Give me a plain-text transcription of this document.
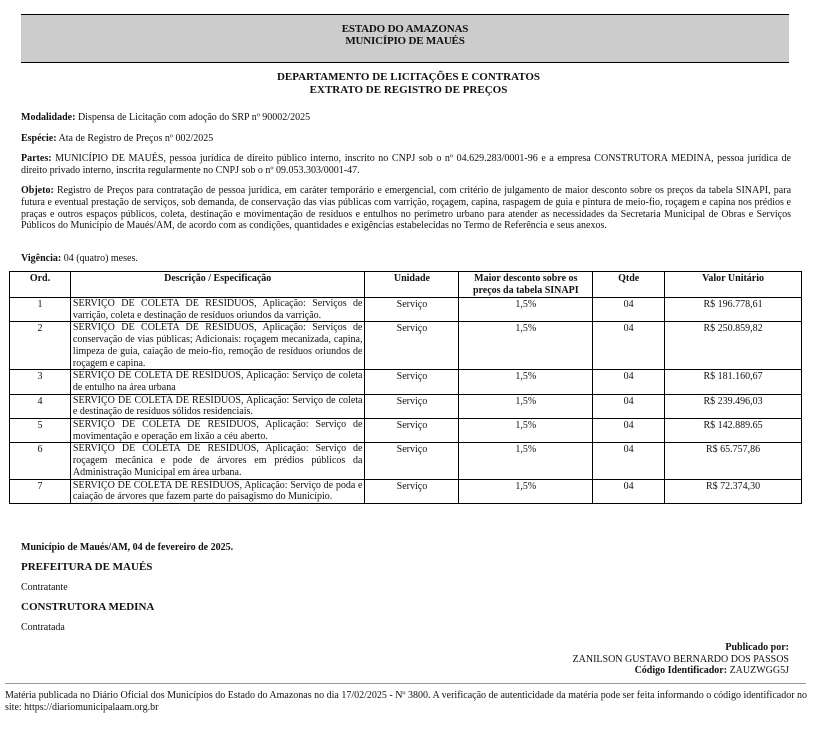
ESTADO DO AMAZONAS
MUNICÍPIO DE MAUÉS
DEPARTAMENTO DE LICITAÇÕES E CONTRATOS
EXTRATO DE REGISTRO DE PREÇOS
Modalidade: Dispensa de Licitação com adoção do SRP nº 90002/2025
Espécie: Ata de Registro de Preços nº 002/2025
Partes: MUNICÍPIO DE MAUÉS, pessoa jurídica de direito público interno, inscrito no CNPJ sob o nº 04.629.283/0001-96 e a empresa CONSTRUTORA MEDINA, pessoa jurídica de direito privado interno, inscrita regularmente no CNPJ sob o nº 09.053.303/0001-47.
Objeto: Registro de Preços para contratação de pessoa jurídica, em caráter temporário e emergencial, com critério de julgamento de maior desconto sobre os preços da tabela SINAPI, para futura e eventual prestação de serviços, sob demanda, de conservação das vias públicas com varrição, roçagem, capina, raspagem de guia e pintura de meio-fio, roçagem e capina nos prédios e praças e outros espaços públicos, coleta, destinação e movimentação de resíduos e entulhos no perímetro urbano para atender as necessidades da Secretaria Municipal de Obras e Serviços Públicos do Município de Maués/AM, de acordo com as condições, quantidades e exigências estabelecidas no Termo de Referência e seus anexos.
Vigência: 04 (quatro) meses.
Ord.	Descrição / Especificação	Unidade	Maior desconto sobre os preços da tabela SINAPI	Qtde	Valor Unitário
1	SERVIÇO DE COLETA DE RESÍDUOS, Aplicação: Serviços de varrição, coleta e destinação de resíduos oriundos da varrição.	Serviço	1,5%	04	R$ 196.778,61
2	SERVIÇO DE COLETA DE RESÍDUOS, Aplicação: Serviços de conservação de vias públicas; Adicionais: roçagem mecanizada, capina, limpeza de guia, caiação de meio-fio, remoção de resíduos oriundos de roçagem e capina.	Serviço	1,5%	04	R$ 250.859,82
3	SERVIÇO DE COLETA DE RESÍDUOS, Aplicação: Serviço de coleta de entulho na área urbana	Serviço	1,5%	04	R$ 181.160,67
4	SERVIÇO DE COLETA DE RESÍDUOS, Aplicação: Serviço de coleta e destinação de resíduos sólidos residenciais.	Serviço	1,5%	04	R$ 239.496,03
5	SERVIÇO DE COLETA DE RESÍDUOS, Aplicação: Serviço de movimentação e operação em lixão a céu aberto.	Serviço	1,5%	04	R$ 142.889.65
6	SERVIÇO DE COLETA DE RESÍDUOS, Aplicação: Serviço de roçagem mecânica e pode de árvores em prédios públicos da Administração Municipal em área urbana.	Serviço	1,5%	04	R$ 65.757,86
7	SERVIÇO DE COLETA DE RESÍDUOS, Aplicação: Serviço de poda e caiação de árvores que fazem parte do paisagismo do Município.	Serviço	1,5%	04	R$ 72.374,30
Município de Maués/AM, 04 de fevereiro de 2025.
PREFEITURA DE MAUÉS
Contratante
CONSTRUTORA MEDINA
Contratada
Publicado por:
ZANILSON GUSTAVO BERNARDO DOS PASSOS
Código Identificador: ZAUZWGG5J
Matéria publicada no Diário Oficial dos Municípios do Estado do Amazonas no dia 17/02/2025 - Nº 3800. A verificação de autenticidade da matéria pode ser feita informando o código identificador no site: https://diariomunicipalaam.org.br
